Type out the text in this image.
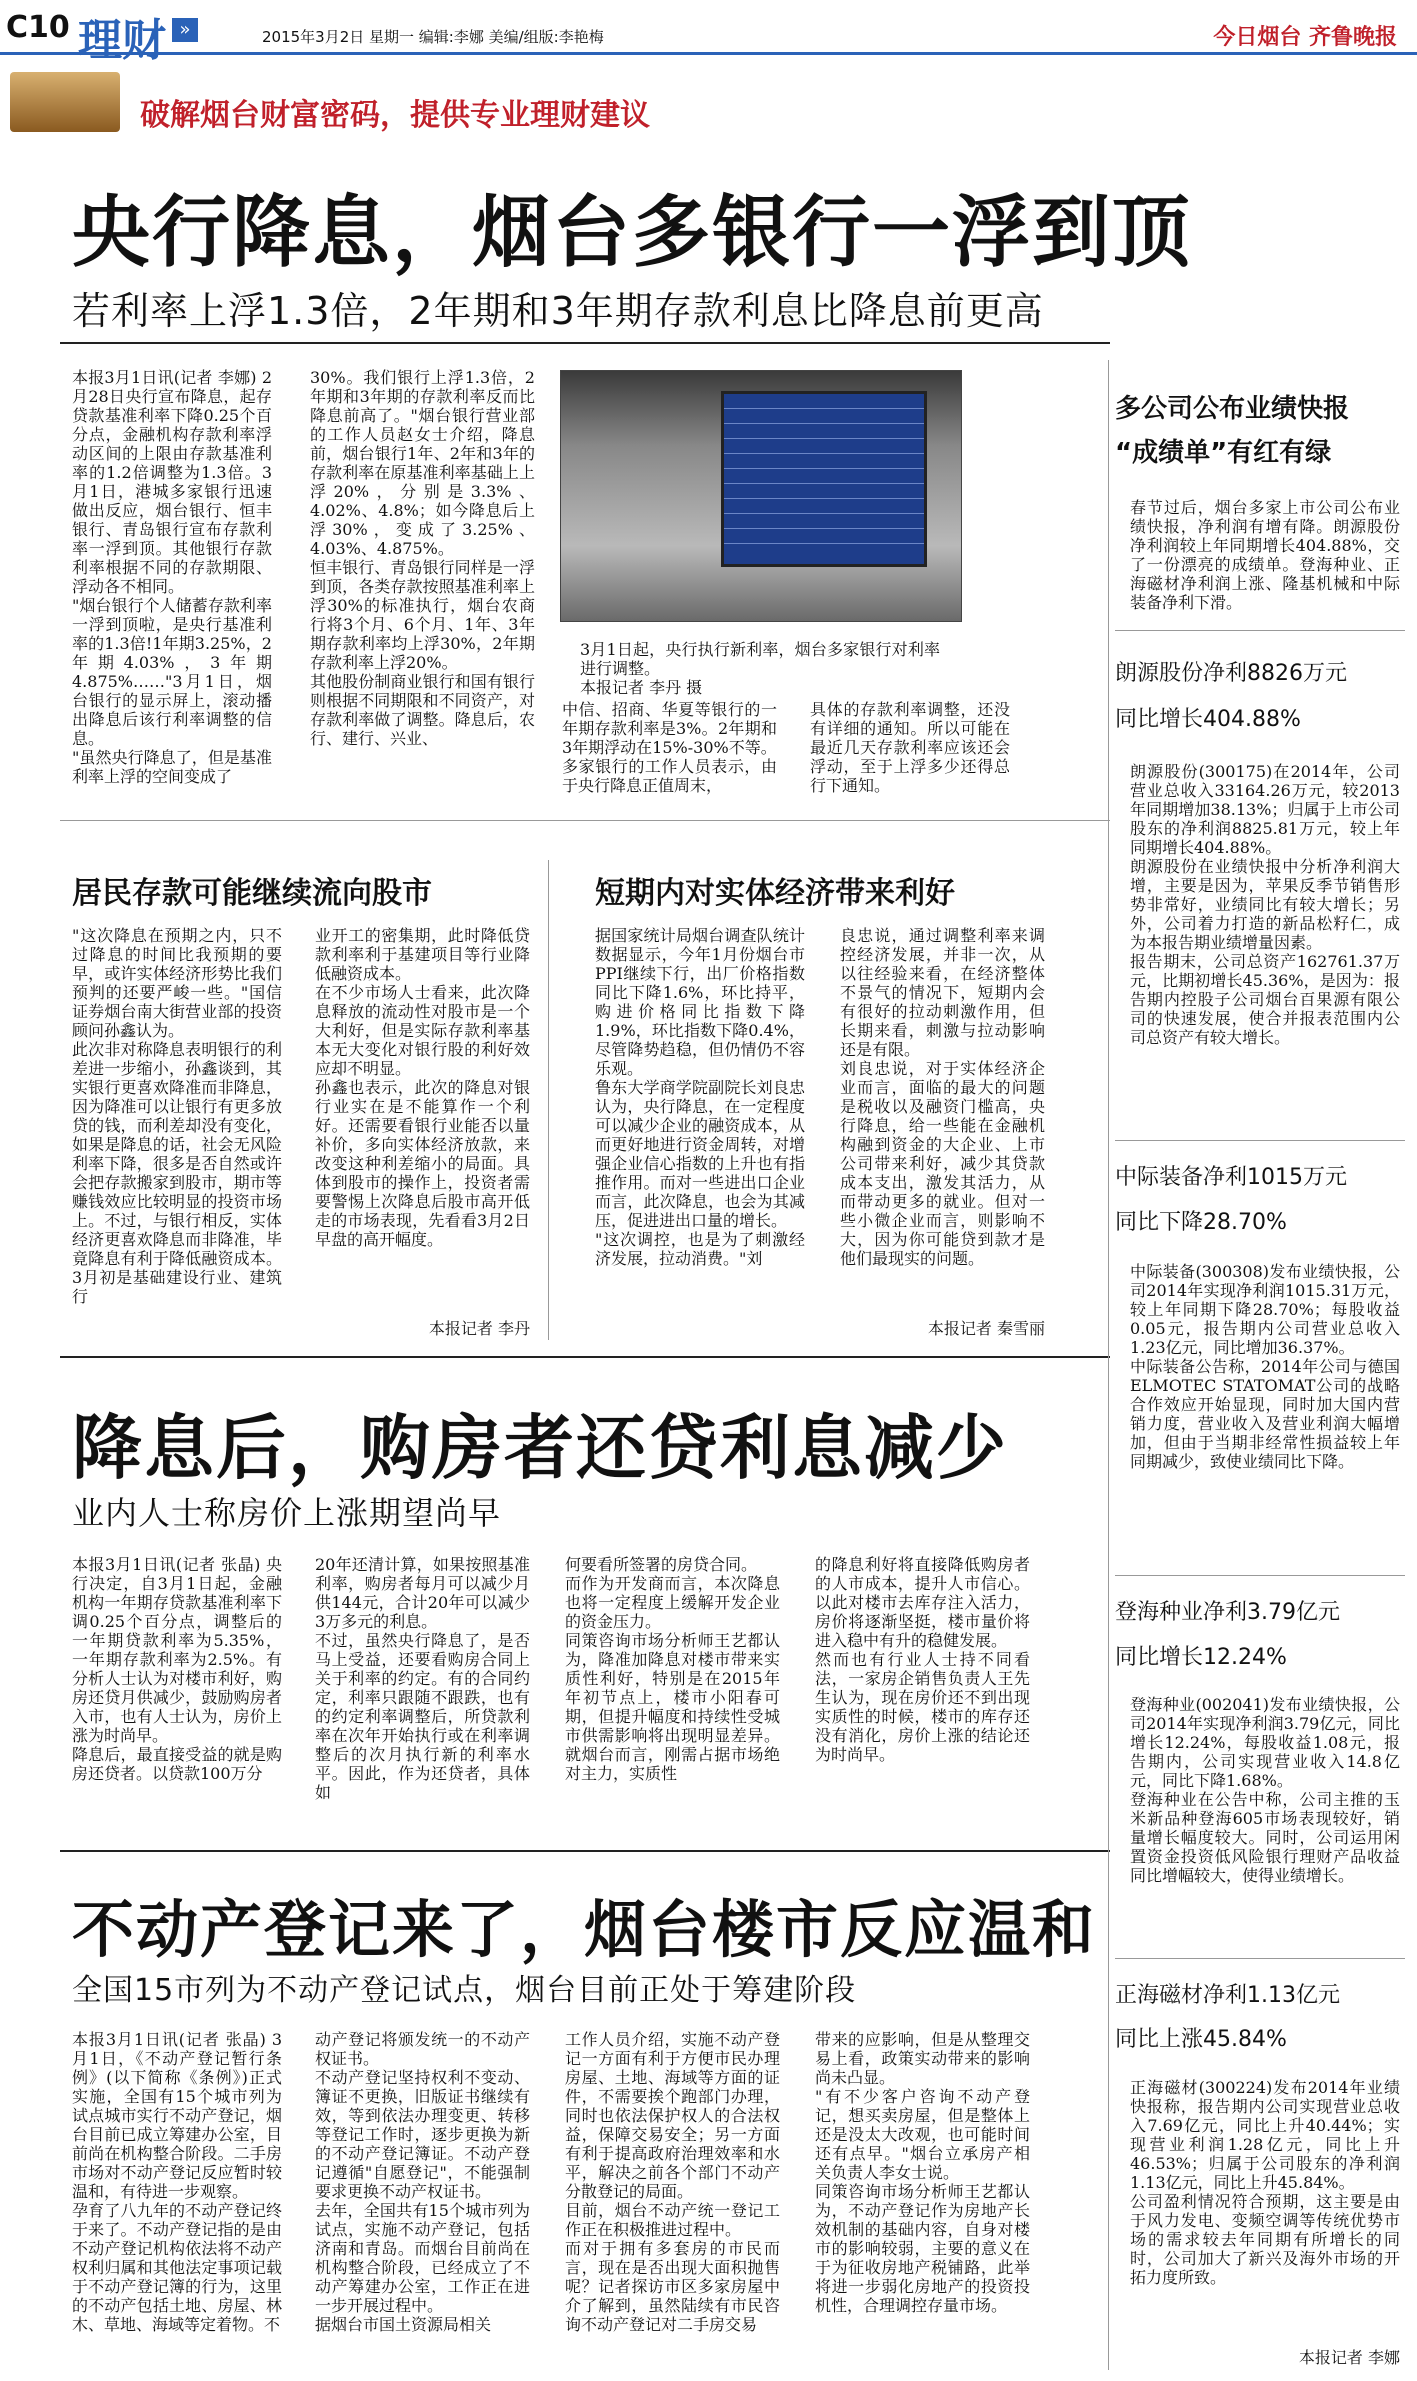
C10 理财 »	2015年3月2日 星期一 编辑:李娜 美编/组版:李艳梅	今日烟台 齐鲁晚报
破解烟台财富密码，提供专业理财建议
央行降息，烟台多银行一浮到顶
若利率上浮1.3倍，2年期和3年期存款利息比降息前更高
本报3月1日讯(记者 李娜) 2月28日央行宣布降息，起存贷款基准利率下降0.25个百分点，金融机构存款利率浮动区间的上限由存款基准利率的1.2倍调整为1.3倍。3月1日，港城多家银行迅速做出反应，烟台银行、恒丰银行、青岛银行宣布存款利率一浮到顶。其他银行存款利率根据不同的存款期限、浮动各不相同。
"烟台银行个人储蓄存款利率一浮到顶啦，是央行基准利率的1.3倍!1年期3.25%，2年期4.03%，3年期4.875%……"3月1日，烟台银行的显示屏上，滚动播出降息后该行利率调整的信息。
"虽然央行降息了，但是基准利率上浮的空间变成了
30%。我们银行上浮1.3倍，2年期和3年期的存款利率反而比降息前高了。"烟台银行营业部的工作人员赵女士介绍，降息前，烟台银行1年、2年和3年的存款利率在原基准利率基础上上浮20%，分别是3.3%、4.02%、4.8%；如今降息后上浮30%，变成了3.25%、4.03%、4.875%。
恒丰银行、青岛银行同样是一浮到顶，各类存款按照基准利率上浮30%的标准执行，烟台农商行将3个月、6个月、1年、3年期存款利率均上浮30%，2年期存款利率上浮20%。
其他股份制商业银行和国有银行则根据不同期限和不同资产，对存款利率做了调整。降息后，农行、建行、兴业、
3月1日起，央行执行新利率，烟台多家银行对利率进行调整。
本报记者 李丹 摄
中信、招商、华夏等银行的一年期存款利率是3%。2年期和3年期浮动在15%-30%不等。
多家银行的工作人员表示，由于央行降息正值周末，
具体的存款利率调整，还没有详细的通知。所以可能在最近几天存款利率应该还会浮动，至于上浮多少还得总行下通知。
居民存款可能继续流向股市
"这次降息在预期之内，只不过降息的时间比我预期的要早，或许实体经济形势比我们预判的还要严峻一些。"国信证券烟台南大街营业部的投资顾问孙鑫认为。
此次非对称降息表明银行的利差进一步缩小，孙鑫谈到，其实银行更喜欢降准而非降息，因为降准可以让银行有更多放贷的钱，而利差却没有变化，如果是降息的话，社会无风险利率下降，很多是否自然或许会把存款搬家到股市，期市等赚钱效应比较明显的投资市场上。不过，与银行相反，实体经济更喜欢降息而非降准，毕竟降息有利于降低融资成本。3月初是基础建设行业、建筑行
业开工的密集期，此时降低贷款利率利于基建项目等行业降低融资成本。
在不少市场人士看来，此次降息释放的流动性对股市是一个大利好，但是实际存款利率基本无大变化对银行股的利好效应却不明显。
孙鑫也表示，此次的降息对银行业实在是不能算作一个利好。还需要看银行业能否以量补价，多向实体经济放款，来改变这种利差缩小的局面。具体到股市的操作上，投资者需要警惕上次降息后股市高开低走的市场表现，先看看3月2日早盘的高开幅度。
本报记者 李丹
短期内对实体经济带来利好
据国家统计局烟台调查队统计数据显示，今年1月份烟台市PPI继续下行，出厂价格指数同比下降1.6%，环比持平，购进价格同比指数下降1.9%，环比指数下降0.4%，尽管降势趋稳，但仍情仍不容乐观。
鲁东大学商学院副院长刘良忠认为，央行降息，在一定程度可以减少企业的融资成本，从而更好地进行资金周转，对增强企业信心指数的上升也有指推作用。而对一些进出口企业而言，此次降息，也会为其减压，促进进出口量的增长。
"这次调控，也是为了刺激经济发展，拉动消费。"刘
良忠说，通过调整利率来调控经济发展，并非一次，从以往经验来看，在经济整体不景气的情况下，短期内会有很好的拉动刺激作用，但长期来看，刺激与拉动影响还是有限。
刘良忠说，对于实体经济企业而言，面临的最大的问题是税收以及融资门槛高，央行降息，给一些能在金融机构融到资金的大企业、上市公司带来利好，减少其贷款成本支出，激发其活力，从而带动更多的就业。但对一些小微企业而言，则影响不大，因为你可能贷到款才是他们最现实的问题。
本报记者 秦雪丽
降息后，购房者还贷利息减少
业内人士称房价上涨期望尚早
本报3月1日讯(记者 张晶) 央行决定，自3月1日起，金融机构一年期存贷款基准利率下调0.25个百分点，调整后的一年期贷款利率为5.35%，一年期存款利率为2.5%。有分析人士认为对楼市利好，购房还贷月供减少，鼓励购房者入市，也有人士认为，房价上涨为时尚早。
降息后，最直接受益的就是购房还贷者。以贷款100万分
20年还清计算，如果按照基准利率，购房者每月可以减少月供144元，合计20年可以减少3万多元的利息。
不过，虽然央行降息了，是否马上受益，还要看购房合同上关于利率的约定。有的合同约定，利率只跟随不跟跌，也有的约定利率调整后，所贷款利率在次年开始执行或在利率调整后的次月执行新的利率水平。因此，作为还贷者，具体如
何要看所签署的房贷合同。
而作为开发商而言，本次降息也将一定程度上缓解开发企业的资金压力。
同策咨询市场分析师王艺都认为，降准加降息对楼市带来实质性利好，特别是在2015年年初节点上，楼市小阳春可期，但提升幅度和持续性受城市供需影响将出现明显差异。就烟台而言，刚需占据市场绝对主力，实质性
的降息利好将直接降低购房者的人市成本，提升人市信心。以此对楼市去库存注入活力，房价将逐渐坚挺，楼市量价将进入稳中有升的稳健发展。
然而也有行业人士持不同看法，一家房企销售负责人王先生认为，现在房价还不到出现实质性的时候，楼市的库存还没有消化，房价上涨的结论还为时尚早。
不动产登记来了，烟台楼市反应温和
全国15市列为不动产登记试点，烟台目前正处于筹建阶段
本报3月1日讯(记者 张晶) 3月1日，《不动产登记暂行条例》(以下简称《条例》)正式实施，全国有15个城市列为试点城市实行不动产登记，烟台目前已成立筹建办公室，目前尚在机构整合阶段。二手房市场对不动产登记反应暂时较温和，有待进一步观察。
孕育了八九年的不动产登记终于来了。不动产登记指的是由不动产登记机构依法将不动产权利归属和其他法定事项记载于不动产登记簿的行为，这里的不动产包括土地、房屋、林木、草地、海域等定着物。不
动产登记将颁发统一的不动产权证书。
不动产登记坚持权利不变动、簿证不更换，旧版证书继续有效，等到依法办理变更、转移等登记工作时，逐步更换为新的不动产登记簿证。不动产登记遵循"自愿登记"，不能强制要求更换不动产权证书。
去年，全国共有15个城市列为试点，实施不动产登记，包括济南和青岛。而烟台目前尚在机构整合阶段，已经成立了不动产筹建办公室，工作正在进一步开展过程中。
据烟台市国土资源局相关
工作人员介绍，实施不动产登记一方面有利于方便市民办理房屋、土地、海域等方面的证件，不需要挨个跑部门办理，同时也依法保护权人的合法权益，保障交易安全；另一方面有利于提高政府治理效率和水平，解决之前各个部门不动产分散登记的局面。
目前，烟台不动产统一登记工作正在积极推进过程中。
而对于拥有多套房的市民而言，现在是否出现大面积抛售呢？记者探访市区多家房屋中介了解到，虽然陆续有市民咨询不动产登记对二手房交易
带来的应影响，但是从整理交易上看，政策实动带来的影响尚未凸显。
"有不少客户咨询不动产登记，想买卖房屋，但是整体上还是没太大改观，也可能时间还有点早。"烟台立承房产相关负责人李女士说。
同策咨询市场分析师王艺都认为，不动产登记作为房地产长效机制的基础内容，自身对楼市的影响较弱，主要的意义在于为征收房地产税铺路，此举将进一步弱化房地产的投资投机性，合理调控存量市场。
多公司公布业绩快报
“成绩单”有红有绿
春节过后，烟台多家上市公司公布业绩快报，净利润有增有降。朗源股份净利润较上年同期增长404.88%，交了一份漂亮的成绩单。登海种业、正海磁材净利润上涨、隆基机械和中际装备净利下滑。
朗源股份净利8826万元
同比增长404.88%
朗源股份(300175)在2014年，公司营业总收入33164.26万元，较2013年同期增加38.13%；归属于上市公司股东的净利润8825.81万元，较上年同期增长404.88%。
朗源股份在业绩快报中分析净利润大增，主要是因为，苹果反季节销售形势非常好，业绩同比有较大增长；另外，公司着力打造的新品松籽仁，成为本报告期业绩增量因素。
报告期末，公司总资产162761.37万元，比期初增长45.36%，是因为：报告期内控股子公司烟台百果源有限公司的快速发展，使合并报表范围内公司总资产有较大增长。
中际装备净利1015万元
同比下降28.70%
中际装备(300308)发布业绩快报，公司2014年实现净利润1015.31万元，较上年同期下降28.70%；每股收益0.05元，报告期内公司营业总收入1.23亿元，同比增加36.37%。
中际装备公告称，2014年公司与德国ELMOTEC STATOMAT公司的战略合作效应开始显现，同时加大国内营销力度，营业收入及营业利润大幅增加，但由于当期非经常性损益较上年同期减少，致使业绩同比下降。
登海种业净利3.79亿元
同比增长12.24%
登海种业(002041)发布业绩快报，公司2014年实现净利润3.79亿元，同比增长12.24%，每股收益1.08元，报告期内，公司实现营业收入14.8亿元，同比下降1.68%。
登海种业在公告中称，公司主推的玉米新品种登海605市场表现较好，销量增长幅度较大。同时，公司运用闲置资金投资低风险银行理财产品收益同比增幅较大，使得业绩增长。
正海磁材净利1.13亿元
同比上涨45.84%
正海磁材(300224)发布2014年业绩快报称，报告期内公司实现营业总收入7.69亿元，同比上升40.44%；实现营业利润1.28亿元，同比上升46.53%；归属于公司股东的净利润1.13亿元，同比上升45.84%。
公司盈利情况符合预期，这主要是由于风力发电、变频空调等传统优势市场的需求较去年同期有所增长的同时，公司加大了新兴及海外市场的开拓力度所致。
本报记者 李娜
